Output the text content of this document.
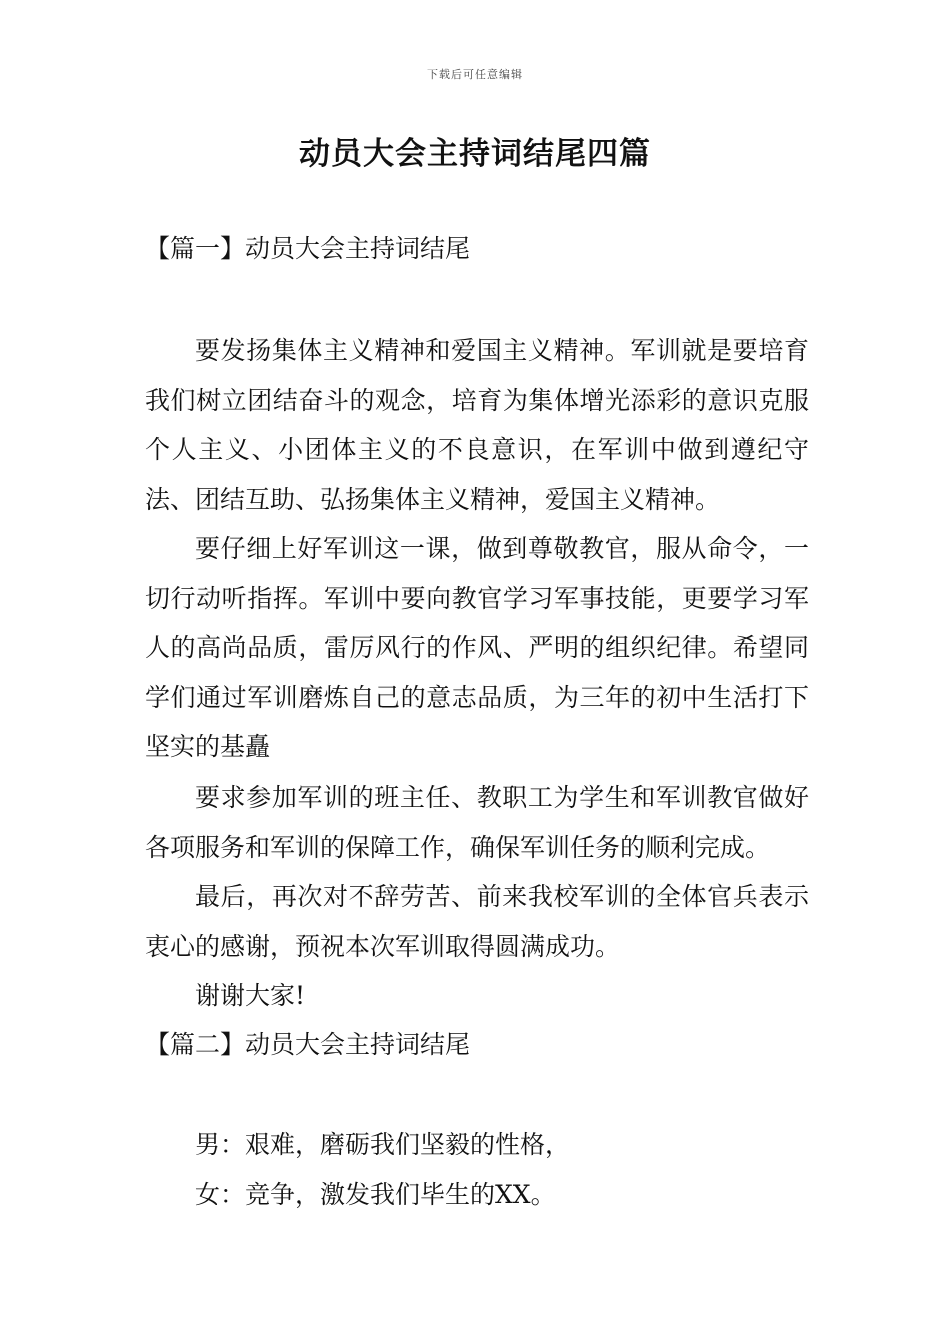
下载后可任意编辑
动员大会主持词结尾四篇
【篇一】动员大会主持词结尾

要发扬集体主义精神和爱国主义精神。军训就是要培育我们树立团结奋斗的观念，培育为集体增光添彩的意识克服个人主义、小团体主义的不良意识，在军训中做到遵纪守法、团结互助、弘扬集体主义精神，爱国主义精神。

要仔细上好军训这一课，做到尊敬教官，服从命令，一切行动听指挥。军训中要向教官学习军事技能，更要学习军人的高尚品质，雷厉风行的作风、严明的组织纪律。希望同学们通过军训磨炼自己的意志品质，为三年的初中生活打下坚实的基矗

要求参加军训的班主任、教职工为学生和军训教官做好各项服务和军训的保障工作，确保军训任务的顺利完成。

最后，再次对不辞劳苦、前来我校军训的全体官兵表示衷心的感谢，预祝本次军训取得圆满成功。

谢谢大家!

【篇二】动员大会主持词结尾
男：艰难，磨砺我们坚毅的性格，
女：竞争，激发我们毕生的XX。
